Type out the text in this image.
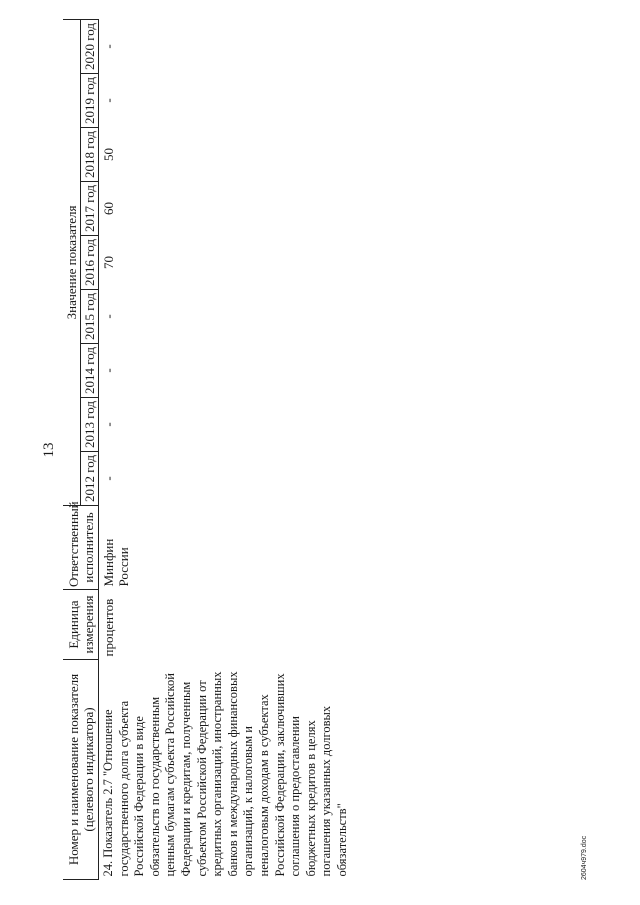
13
Номер и наименование показателя (целевого индикатора)	Единица измерения	Ответственный исполнитель	Значение показателя								
			2012 год	2013 год	2014 год	2015 год	2016 год	2017 год	2018 год	2019 год	2020 год
24. Показатель 2.7 "Отношение государственного долга субъекта Российской Федерации в виде обязательств по государственным ценным бумагам субъекта Российской Федерации и кредитам, полученным субъектом Российской Федерации от кредитных организаций, иностранных банков и международных финансовых организаций, к налоговым и неналоговым доходам в субъектах Российской Федерации, заключивших соглашения о предоставлении бюджетных кредитов в целях погашения указанных долговых обязательств"	процентов	Минфин России	-	-	-	-	70	60	50	-	-
2604ч979.doc
